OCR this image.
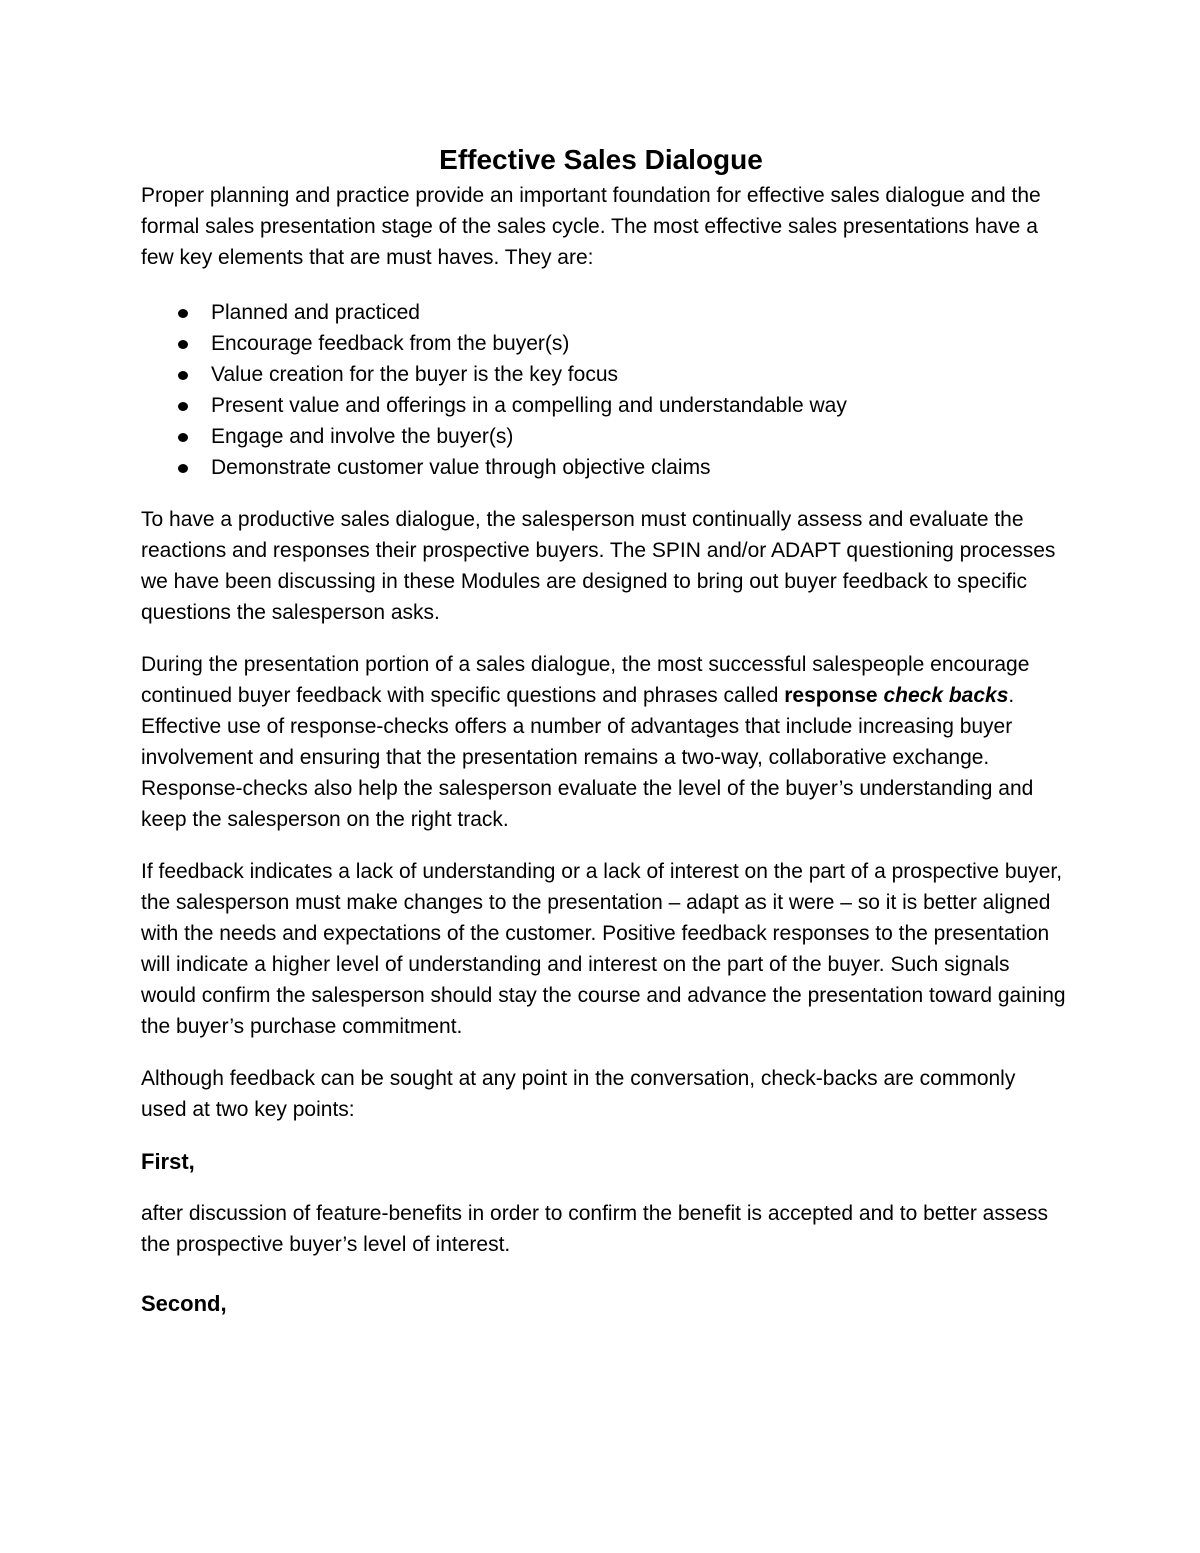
Effective Sales Dialogue

Proper planning and practice provide an important foundation for effective sales dialogue and the formal sales presentation stage of the sales cycle. The most effective sales presentations have a few key elements that are must haves. They are:

Planned and practiced
Encourage feedback from the buyer(s)
Value creation for the buyer is the key focus
Present value and offerings in a compelling and understandable way
Engage and involve the buyer(s)
Demonstrate customer value through objective claims

To have a productive sales dialogue, the salesperson must continually assess and evaluate the reactions and responses their prospective buyers. The SPIN and/or ADAPT questioning processes we have been discussing in these Modules are designed to bring out buyer feedback to specific questions the salesperson asks.

During the presentation portion of a sales dialogue, the most successful salespeople encourage continued buyer feedback with specific questions and phrases called response check backs. Effective use of response-checks offers a number of advantages that include increasing buyer involvement and ensuring that the presentation remains a two-way, collaborative exchange. Response-checks also help the salesperson evaluate the level of the buyer’s understanding and keep the salesperson on the right track.

If feedback indicates a lack of understanding or a lack of interest on the part of a prospective buyer, the salesperson must make changes to the presentation – adapt as it were – so it is better aligned with the needs and expectations of the customer. Positive feedback responses to the presentation will indicate a higher level of understanding and interest on the part of the buyer. Such signals would confirm the salesperson should stay the course and advance the presentation toward gaining the buyer’s purchase commitment.

Although feedback can be sought at any point in the conversation, check-backs are commonly used at two key points:

First,

after discussion of feature-benefits in order to confirm the benefit is accepted and to better assess the prospective buyer’s level of interest.

Second,
